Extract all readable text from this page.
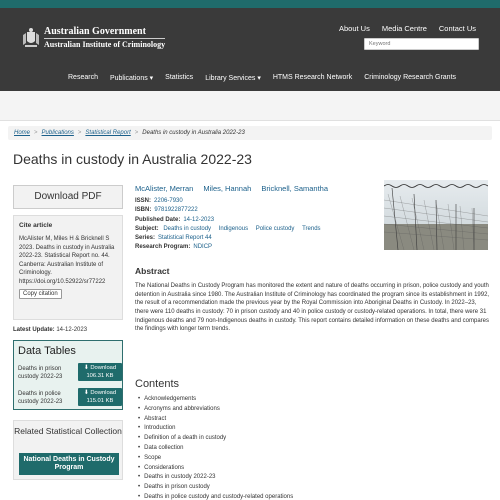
Australian Government
Australian Institute of Criminology
About Us Media Centre Contact Us
Keyword
Research Publications ▾ Statistics Library Services ▾ HTMS Research Network Criminology Research Grants
Home > Publications > Statistical Report > Deaths in custody in Australia 2022-23
Deaths in custody in Australia 2022-23
Download PDF
Cite article
McAlister M, Miles H & Bricknell S 2023. Deaths in custody in Australia 2022-23. Statistical Report no. 44. Canberra: Australian Institute of Criminology. https://doi.org/10.52922/sr77222
Copy citation
Latest Update: 14-12-2023
Data Tables
Deaths in prison custody 2022-23
⬇ Download
106.31 KB
Deaths in police custody 2022-23
⬇ Download
115.01 KB
Related Statistical Collection
National Deaths in Custody Program
McAlister, Merran Miles, Hannah Bricknell, Samantha
ISSN: 2206-7930
ISBN: 9781922877222
Published Date: 14-12-2023
Subject: Deaths in custody Indigenous Police custody Trends
Series: Statistical Report 44
Research Program: NDICP
Abstract

The National Deaths in Custody Program has monitored the extent and nature of deaths occurring in prison, police custody and youth detention in Australia since 1980. The Australian Institute of Criminology has coordinated the program since its establishment in 1992, the result of a recommendation made the previous year by the Royal Commission into Aboriginal Deaths in Custody. In 2022–23, there were 110 deaths in custody: 70 in prison custody and 40 in police custody or custody-related operations. In total, there were 31 Indigenous deaths and 79 non-Indigenous deaths in custody. This report contains detailed information on these deaths and compares the findings with longer term trends.

Contents
• Acknowledgements
• Acronyms and abbreviations
• Abstract
• Introduction
• Definition of a death in custody
• Data collection
• Scope
• Considerations
• Deaths in custody 2022-23
• Deaths in prison custody
• Deaths in police custody and custody-related operations
